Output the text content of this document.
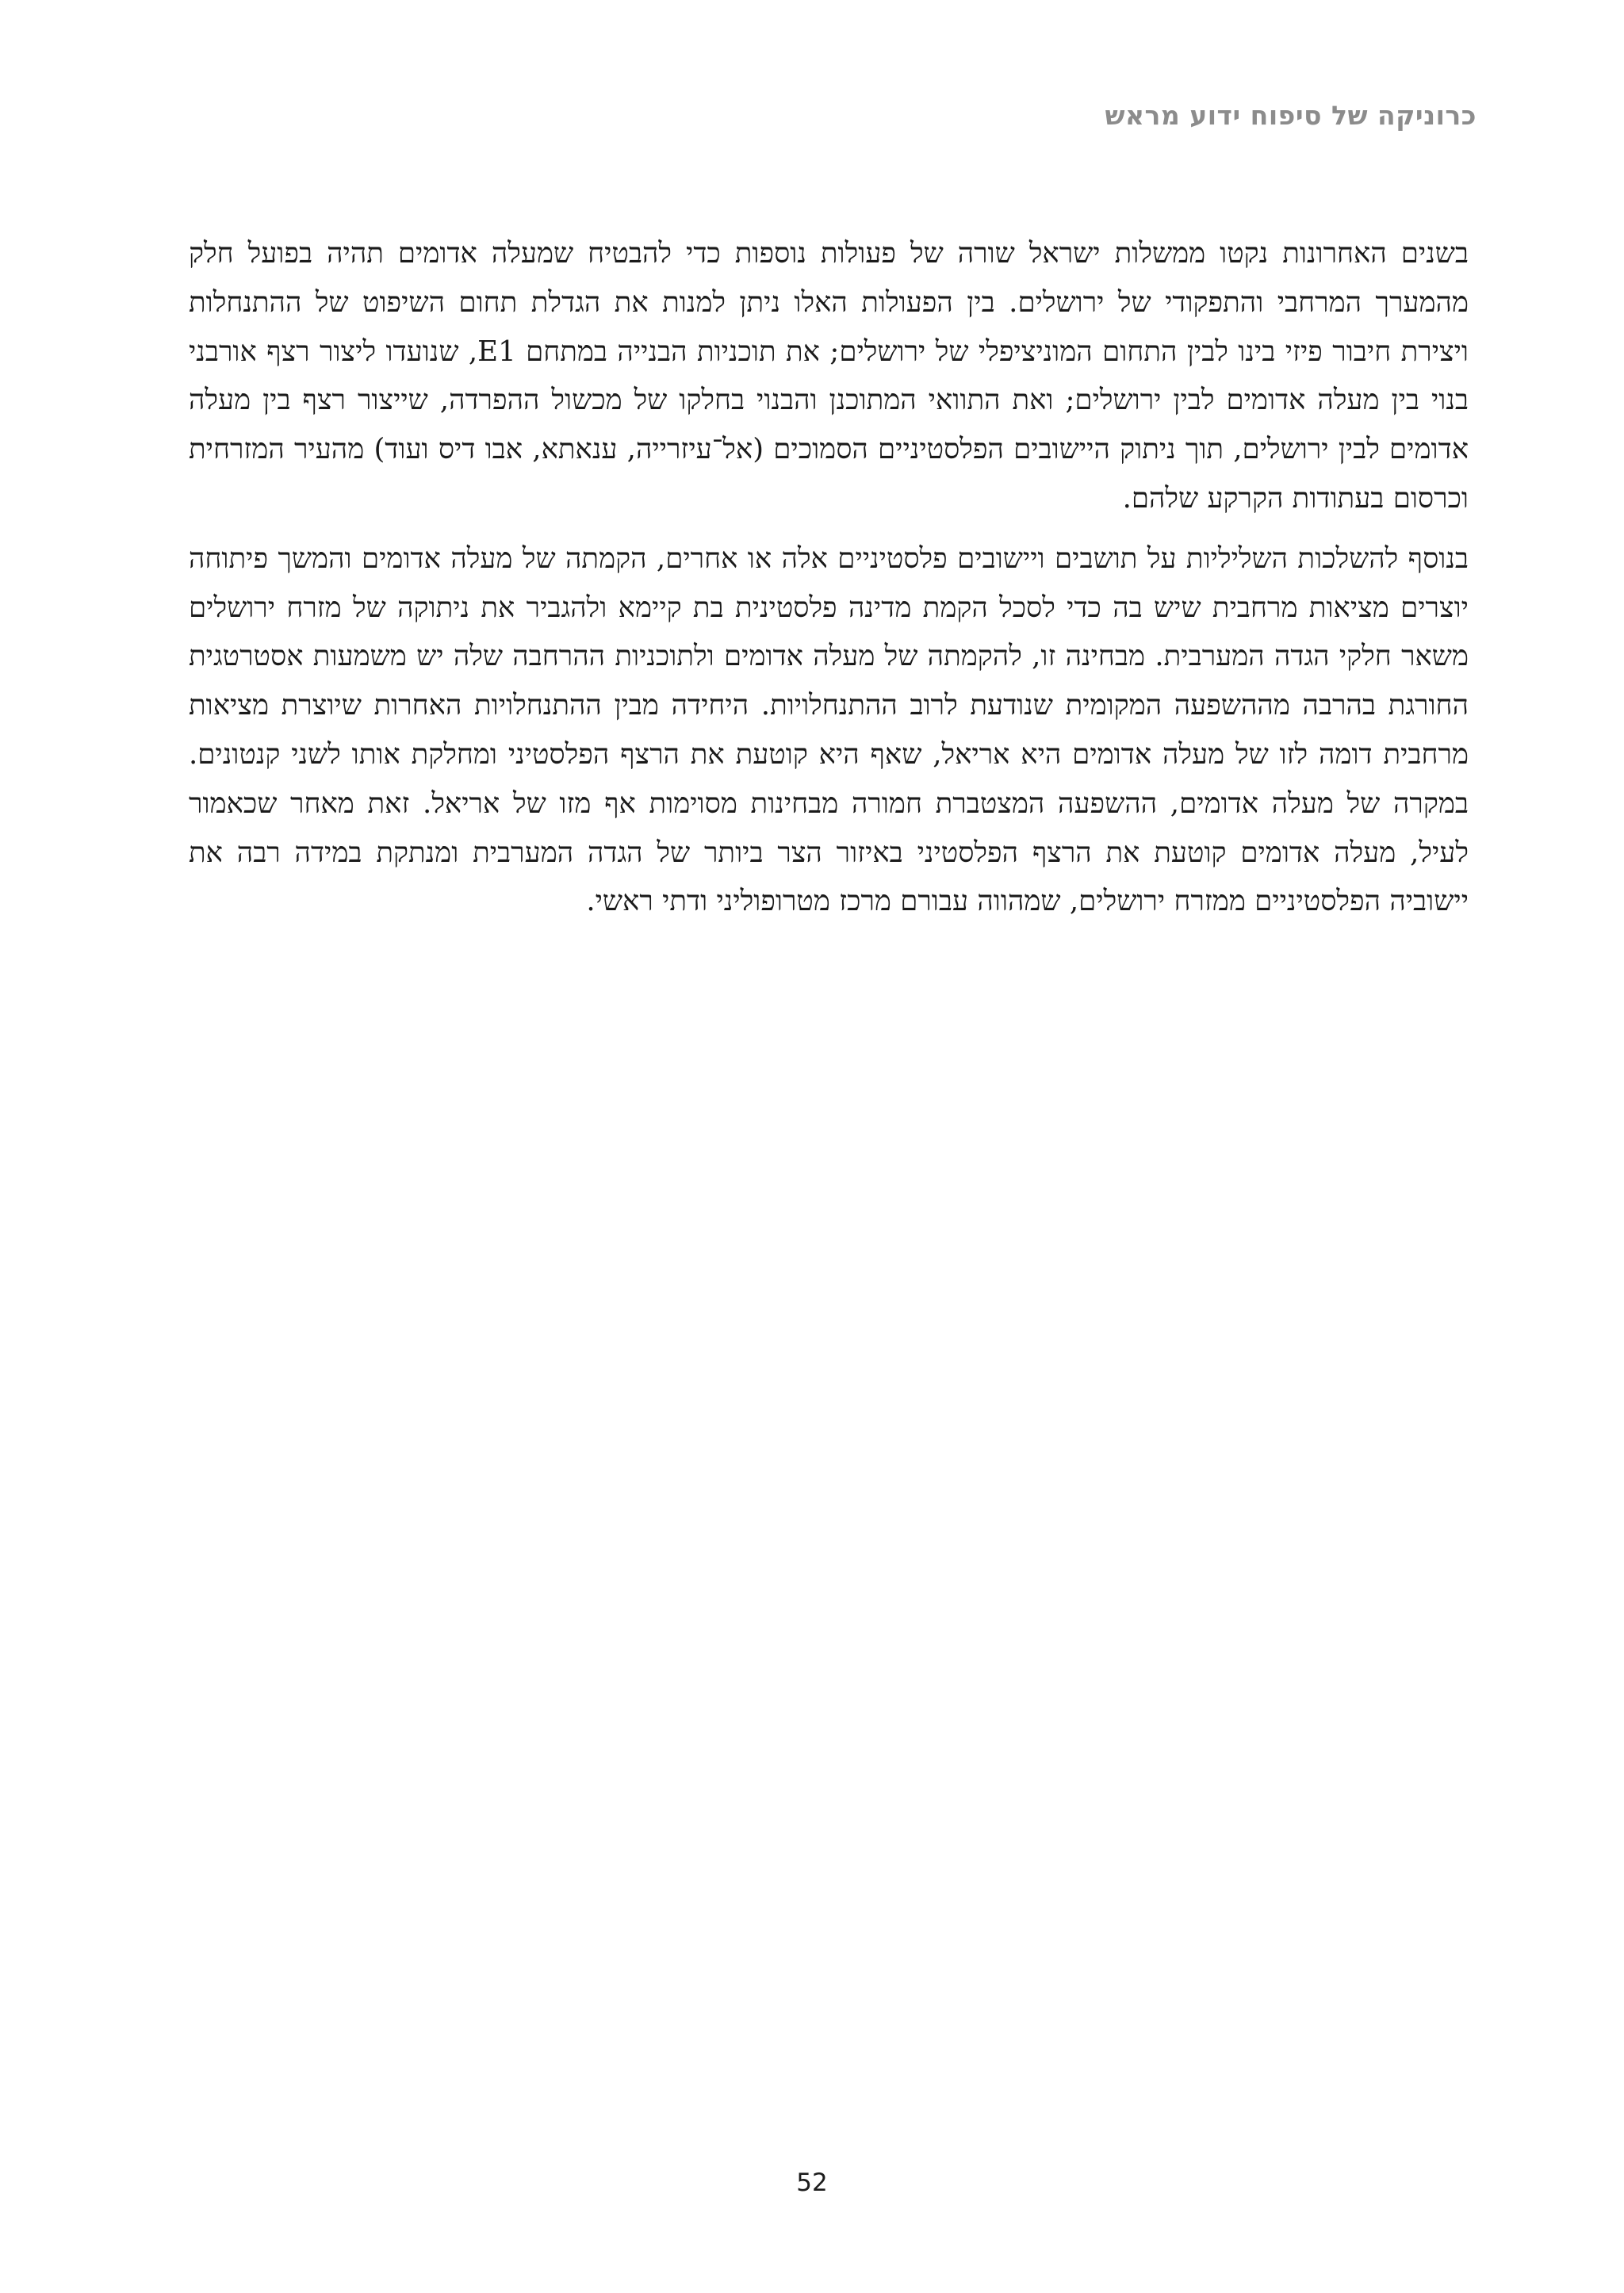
כרוניקה של סיפוח ידוע מראש

בשנים האחרונות נקטו ממשלות ישראל שורה של פעולות נוספות כדי להבטיח שמעלה אדומים תהיה בפועל חלק מהמערך המרחבי והתפקודי של ירושלים. בין הפעולות האלו ניתן למנות את הגדלת תחום השיפוט של ההתנחלות ויצירת חיבור פיזי בינו לבין התחום המוניציפלי של ירושלים; את תוכניות הבנייה במתחם E1, שנועדו ליצור רצף אורבני בנוי בין מעלה אדומים לבין ירושלים; ואת התוואי המתוכנן והבנוי בחלקו של מכשול ההפרדה, שייצור רצף בין מעלה אדומים לבין ירושלים, תוך ניתוק היישובים הפלסטיניים הסמוכים (אל־עיזרייה, ענאתא, אבו דיס ועוד) מהעיר המזרחית וכרסום בעתודות הקרקע שלהם.

בנוסף להשלכות השליליות על תושבים ויישובים פלסטיניים אלה או אחרים, הקמתה של מעלה אדומים והמשך פיתוחה יוצרים מציאות מרחבית שיש בה כדי לסכל הקמת מדינה פלסטינית בת קיימא ולהגביר את ניתוקה של מזרח ירושלים משאר חלקי הגדה המערבית. מבחינה זו, להקמתה של מעלה אדומים ולתוכניות ההרחבה שלה יש משמעות אסטרטגית החורגת בהרבה מההשפעה המקומית שנודעת לרוב ההתנחלויות. היחידה מבין ההתנחלויות האחרות שיוצרת מציאות מרחבית דומה לזו של מעלה אדומים היא אריאל, שאף היא קוטעת את הרצף הפלסטיני ומחלקת אותו לשני קנטונים. במקרה של מעלה אדומים, ההשפעה המצטברת חמורה מבחינות מסוימות אף מזו של אריאל. זאת מאחר שכאמור לעיל, מעלה אדומים קוטעת את הרצף הפלסטיני באיזור הצר ביותר של הגדה המערבית ומנתקת במידה רבה את יישוביה הפלסטיניים ממזרח ירושלים, שמהווה עבורם מרכז מטרופוליני ודתי ראשי.

52
